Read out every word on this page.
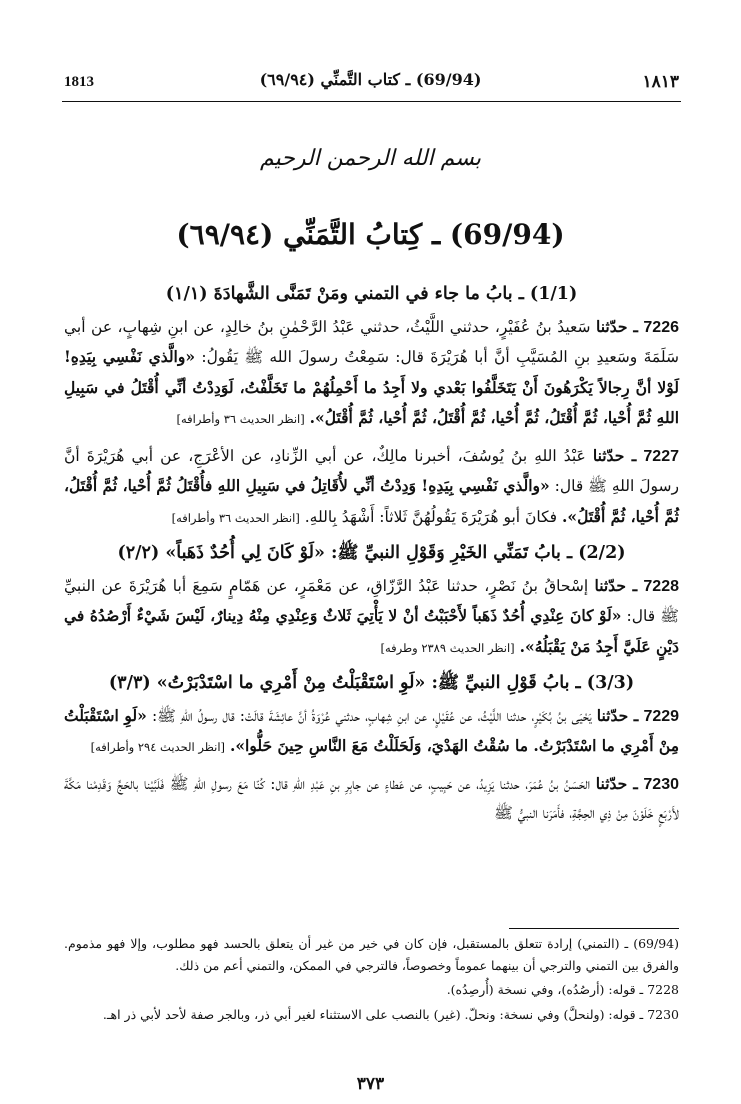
1813	(69/94) ـ كتاب التَّمنِّي (٦٩/٩٤)	١٨١٣
بسم الله الرحمن الرحيم
(69/94) ـ كِتابُ التَّمَنِّي (٦٩/٩٤)

(1/1) ـ بابُ ما جاء في التمني ومَنْ تَمَنَّى الشَّهادَةَ (١/١)

7226 ـ حدّثنا سَعيدُ بنُ عُفَيْرٍ، حدثني اللَّيْثُ، حدثني عَبْدُ الرَّحْمٰنِ بنُ خالِدٍ، عن ابنِ شِهابٍ، عن أبي سَلَمَةَ وسَعيدِ بنِ المُسَيَّبِ أنَّ أبا هُرَيْرَةَ قال: سَمِعْتُ رسولَ الله ﷺ يَقُولُ: «والَّذي نَفْسِي بِيَدِهِ! لَوْلا أنَّ رِجالاً يَكْرَهُونَ أَنْ يَتَخَلَّفُوا بَعْدي ولا أَجِدُ ما أَحْمِلُهُمْ ما تَخَلَّفْتُ، لَوَدِدْتُ أنِّي أُقْتَلُ في سَبِيلِ اللهِ ثُمَّ أُحْيا، ثُمَّ أُقْتَلُ، ثُمَّ أُحْيا، ثُمَّ أُقْتَلُ، ثُمَّ أُحْيا، ثُمَّ أُقْتَلُ». [انظر الحديث ٣٦ وأطرافه]

7227 ـ حدّثنا عَبْدُ اللهِ بنُ يُوسُفَ، أخبرنا مالِكٌ، عن أبي الزِّنادِ، عن الأعْرَجِ، عن أبي هُرَيْرَةَ أنَّ رسولَ اللهِ ﷺ قال: «والَّذي نَفْسِي بِيَدِهِ! وَدِدْتُ أنِّي لأُقَاتِلُ في سَبِيلِ اللهِ فأُقْتَلُ ثُمَّ أُحْيا، ثُمَّ أُقْتَلُ، ثُمَّ أُحْيا، ثُمَّ أُقْتَلُ». فكانَ أبو هُرَيْرَةَ يَقُولُهُنَّ ثَلاثاً: أَشْهَدُ بِاللهِ. [انظر الحديث ٣٦ وأطرافه]

(2/2) ـ بابُ تَمَنِّي الخَيْرِ وَقَوْلِ النبيِّ ﷺ: «لَوْ كَانَ لِي أُحُدٌ ذَهَباً» (٢/٢)

7228 ـ حدّثنا إسْحاقُ بنُ نَصْرٍ، حدثنا عَبْدُ الرَّزّاقِ، عن مَعْمَرٍ، عن هَمّامٍ سَمِعَ أبا هُرَيْرَةَ عن النبيِّ ﷺ قال: «لَوْ كانَ عِنْدِي أُحُدٌ ذَهَباً لأَحْبَبْتُ أنْ لا يَأْتِيَ ثَلاثٌ وَعِنْدِي مِنْهُ دِينارٌ، لَيْسَ شَيْءٌ أَرْصُدُهُ في دَيْنٍ عَلَيَّ أَجِدُ مَنْ يَقْبَلُهُ». [انظر الحديث ٢٣٨٩ وطرفه]

(3/3) ـ بابُ قَوْلِ النبيِّ ﷺ: «لَوِ اسْتَقْبَلْتُ مِنْ أَمْرِي ما اسْتَدْبَرْتُ» (٣/٣)

7229 ـ حدّثنا يَحْيَى بنُ بُكَيْرٍ، حدثنا اللَّيْثُ، عن عُقَيْلٍ، عن ابنِ شِهابٍ، حدثني عُرْوَةُ أنَّ عائِشَةَ قالَتْ: قال رسولُ اللهِ ﷺ: «لَوِ اسْتَقْبَلْتُ مِنْ أَمْرِي ما اسْتَدْبَرْتُ. ما سُقْتُ الهَدْيَ، وَلَحَلَلْتُ مَعَ النَّاسِ حِينَ حَلُّوا». [انظر الحديث ٢٩٤ وأطرافه]

7230 ـ حدّثنا الحَسَنُ بنُ عُمَرَ، حدثنا يَزِيدُ، عن حَبِيبٍ، عن عَطاءٍ عن جابِرِ بنِ عَبْدِ اللهِ قال: كُنّا مَعَ رسولِ اللهِ ﷺ فَلَبَّيْنا بالحَجِّ وَقَدِمْنا مَكَّةَ لأَرْبَعٍ خَلَوْنَ مِنْ ذِي الحِجَّةِ، فأَمَرَنا النبيُّ ﷺ

(69/94) ـ (التمني) إرادة تتعلق بالمستقبل، فإن كان في خير من غير أن يتعلق بالحسد فهو مطلوب، وإلا فهو مذموم. والفرق بين التمني والترجي أن بينهما عموماً وخصوصاً، فالترجي في الممكن، والتمني أعم من ذلك.

7228 ـ قوله: (أرصُدُه)، وفي نسخة (أُرصِدُه).

7230 ـ قوله: (ولنحلَّ) وفي نسخة: ونحلّ. (غير) بالنصب على الاستثناء لغير أبي ذر، وبالجر صفة لأحد لأبي ذر اهـ.

٣٧٣
